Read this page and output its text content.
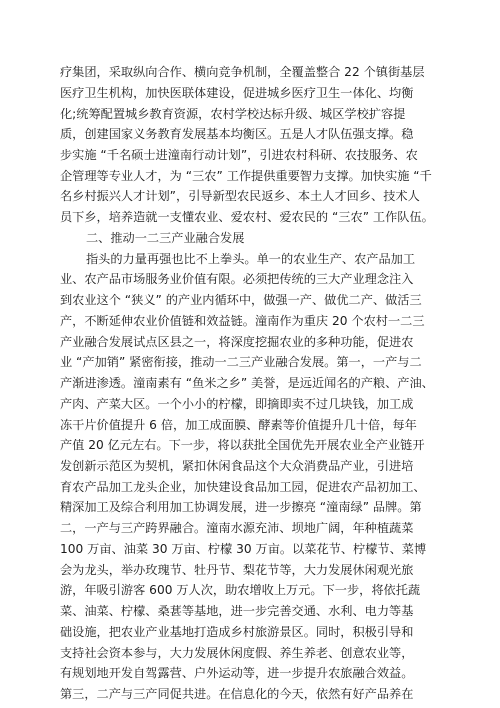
疗集团，采取纵向合作、横向竞争机制，全覆盖整合 22 个镇街基层
医疗卫生机构，加快医联体建设，促进城乡医疗卫生一体化、均衡
化;统筹配置城乡教育资源，农村学校达标升级、城区学校扩容提
质，创建国家义务教育发展基本均衡区。五是人才队伍强支撑。稳
步实施 “千名硕士进潼南行动计划”，引进农村科研、农技服务、农
企管理等专业人才，为 “三农” 工作提供重要智力支撑。加快实施 “千
名乡村振兴人才计划”，引导新型农民返乡、本土人才回乡、技术人
员下乡，培养造就一支懂农业、爱农村、爱农民的 “三农” 工作队伍。
二、推动一二三产业融合发展
指头的力量再强也比不上拳头。单一的农业生产、农产品加工
业、农产品市场服务业价值有限。必须把传统的三大产业理念注入
到农业这个 “狭义” 的产业内循环中，做强一产、做优二产、做活三
产，不断延伸农业价值链和效益链。潼南作为重庆 20 个农村一二三
产业融合发展试点区县之一，将深度挖掘农业的多种功能，促进农
业 “产加销” 紧密衔接，推动一二三产业融合发展。第一，一产与二
产渐进渗透。潼南素有 “鱼米之乡” 美誉，是远近闻名的产粮、产油、
产肉、产菜大区。一个小小的柠檬，即摘即卖不过几块钱，加工成
冻干片价值提升 6 倍，加工成面膜、酵素等价值提升几十倍，每年
产值 20 亿元左右。下一步，将以获批全国优先开展农业全产业链开
发创新示范区为契机，紧扣休闲食品这个大众消费品产业，引进培
育农产品加工龙头企业，加快建设食品加工园，促进农产品初加工、
精深加工及综合利用加工协调发展，进一步擦亮 “潼南绿” 品牌。第
二，一产与三产跨界融合。潼南水源充沛、坝地广阔，年种植蔬菜
100 万亩、油菜 30 万亩、柠檬 30 万亩。以菜花节、柠檬节、菜博
会为龙头，举办玫瑰节、牡丹节、梨花节等，大力发展休闲观光旅
游，年吸引游客 600 万人次，助农增收上万元。下一步，将依托蔬
菜、油菜、柠檬、桑葚等基地，进一步完善交通、水利、电力等基
础设施，把农业产业基地打造成乡村旅游景区。同时，积极引导和
支持社会资本参与，大力发展休闲度假、养生养老、创意农业等，
有规划地开发自驾露营、户外运动等，进一步提升农旅融合效益。
第三，二产与三产同促共进。在信息化的今天，依然有好产品养在
